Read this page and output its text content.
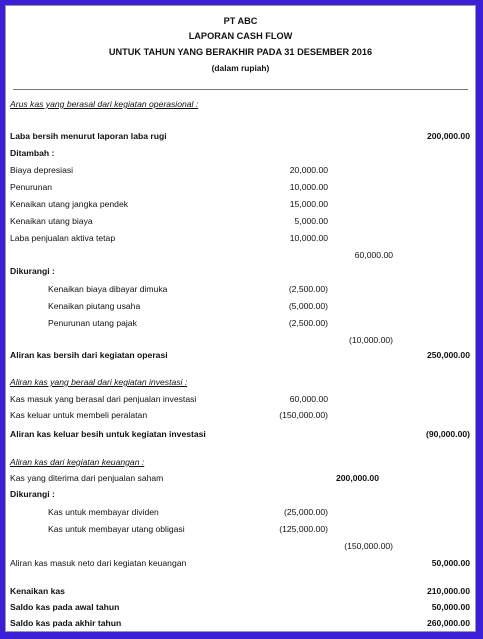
PT ABC
LAPORAN CASH FLOW
UNTUK TAHUN YANG BERAKHIR PADA 31 DESEMBER 2016
(dalam rupiah)
Arus kas yang berasal dari kegiatan operasional :
Laba bersih menurut laporan laba rugi	200,000.00
Ditambah :
Biaya depresiasi	20,000.00
Penurunan	10,000.00
Kenaikan utang jangka pendek	15,000.00
Kenaikan utang biaya	5,000.00
Laba penjualan aktiva tetap	10,000.00
60,000.00
Dikurangi :
Kenaikan biaya dibayar dimuka	(2,500.00)
Kenaikan piutang usaha	(5,000.00)
Penurunan utang pajak	(2,500.00)
(10,000.00)
Aliran kas bersih dari kegiatan operasi	250,000.00
Aliran kas yang beraal dari kegiatan investasi :
Kas masuk yang berasal dari penjualan investasi	60,000.00
Kas keluar untuk membeli peralatan	(150,000.00)
Aliran kas keluar besih untuk kegiatan investasi	(90,000.00)
Aliran kas dari kegiatan keuangan :
Kas yang diterima dari penjualan saham	200,000.00
Dikurangi :
Kas untuk membayar dividen	(25,000.00)
Kas untuk membayar utang obligasi	(125,000.00)
(150,000.00)
Aliran kas masuk neto dari kegiatan keuangan	50,000.00
Kenaikan kas	210,000.00
Saldo kas pada awal tahun	50,000.00
Saldo kas pada akhir tahun	260,000.00
